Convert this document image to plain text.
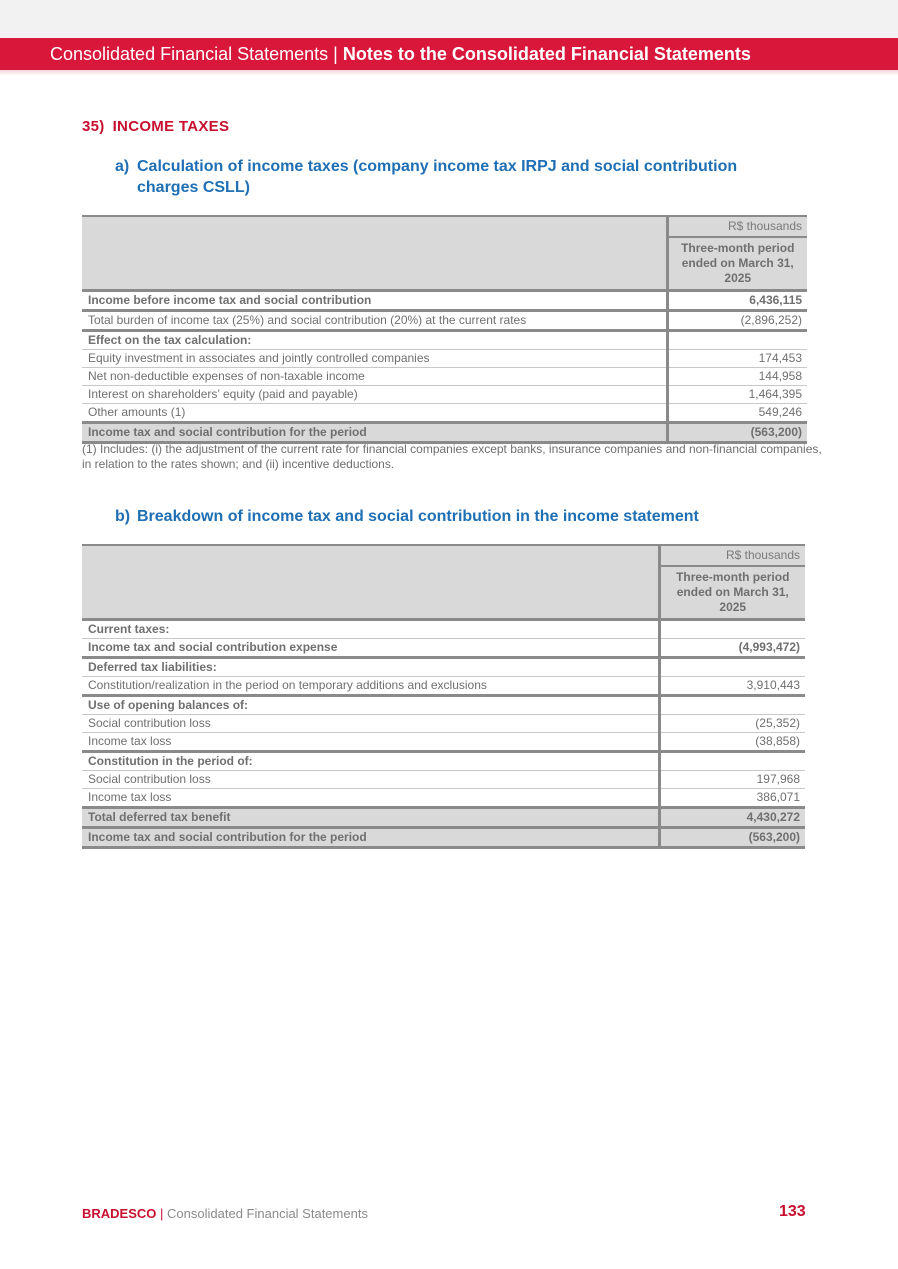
Consolidated Financial Statements | Notes to the Consolidated Financial Statements
35) INCOME TAXES
a) Calculation of income taxes (company income tax IRPJ and social contribution
charges CSLL)
	R$ thousands
	Three-month period ended on March 31, 2025
Income before income tax and social contribution	6,436,115
Total burden of income tax (25%) and social contribution (20%) at the current rates	(2,896,252)
Effect on the tax calculation:	
Equity investment in associates and jointly controlled companies	174,453
Net non-deductible expenses of non-taxable income	144,958
Interest on shareholders’ equity (paid and payable)	1,464,395
Other amounts (1)	549,246
Income tax and social contribution for the period	(563,200)
(1) Includes: (i) the adjustment of the current rate for financial companies except banks, insurance companies and non-financial companies, in relation to the rates shown; and (ii) incentive deductions.
b) Breakdown of income tax and social contribution in the income statement
	R$ thousands
	Three-month period ended on March 31, 2025
Current taxes:	
Income tax and social contribution expense	(4,993,472)
Deferred tax liabilities:	
Constitution/realization in the period on temporary additions and exclusions	3,910,443
Use of opening balances of:	
Social contribution loss	(25,352)
Income tax loss	(38,858)
Constitution in the period of:	
Social contribution loss	197,968
Income tax loss	386,071
Total deferred tax benefit	4,430,272
Income tax and social contribution for the period	(563,200)
BRADESCO | Consolidated Financial Statements	133
